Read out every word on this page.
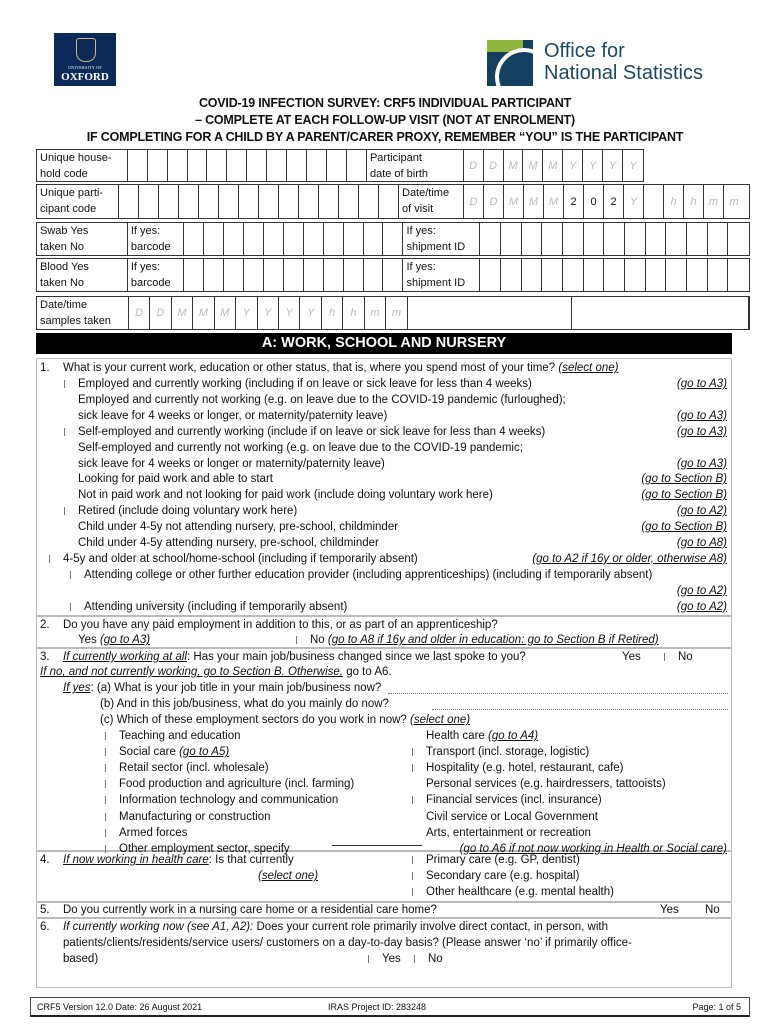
UNIVERSITY OF
OXFORD
Office for
National Statistics
COVID-19 INFECTION SURVEY: CRF5 INDIVIDUAL PARTICIPANT
– COMPLETE AT EACH FOLLOW-UP VISIT (NOT AT ENROLMENT)
IF COMPLETING FOR A CHILD BY A PARENT/CARER PROXY, REMEMBER “YOU” IS THE PARTICIPANT
Unique house-
hold code
Participant
date of birth
D	D	M M M	Y	Y	Y	Y
Unique parti-
cipant code
Date/time
of visit
D	D	M M M	2	0	2	Y	h	h	m	m
Swab Yes
taken No
If yes:
barcode
If yes:
shipment ID
Blood Yes
taken No
If yes:
barcode
If yes:
shipment ID
Date/time
samples taken
D	D	M	M	M	Y	Y	Y	Y	h	h	m	m
A: WORK, SCHOOL AND NURSERY
1. What is your current work, education or other status, that is, where you spend most of your time? (select one)
Employed and currently working (including if on leave or sick leave for less than 4 weeks)	(go to A3)
Employed and currently not working (e.g. on leave due to the COVID-19 pandemic (furloughed);
sick leave for 4 weeks or longer, or maternity/paternity leave)	(go to A3)
Self-employed and currently working (include if on leave or sick leave for less than 4 weeks)	(go to A3)
Self-employed and currently not working (e.g. on leave due to the COVID-19 pandemic;
sick leave for 4 weeks or longer or maternity/paternity leave)	(go to A3)
Looking for paid work and able to start	(go to Section B)
Not in paid work and not looking for paid work (include doing voluntary work here)	(go to Section B)
Retired (include doing voluntary work here)	(go to A2)
Child under 4-5y not attending nursery, pre-school, childminder	(go to Section B)
Child under 4-5y attending nursery, pre-school, childminder	(go to A8)
4-5y and older at school/home-school (including if temporarily absent)	(go to A2 if 16y or older, otherwise A8)
Attending college or other further education provider (including apprenticeships) (including if temporarily absent)
(go to A2)
Attending university (including if temporarily absent)	(go to A2)
2. Do you have any paid employment in addition to this, or as part of an apprenticeship?
Yes (go to A3)	No (go to A8 if 16y and older in education: go to Section B if Retired)
3. If currently working at all: Has your main job/business changed since we last spoke to you?	Yes	No
If no, and not currently working, go to Section B. Otherwise, go to A6.
If yes: (a) What is your job title in your main job/business now?
(b) And in this job/business, what do you mainly do now?
(c) Which of these employment sectors do you work in now? (select one)
Teaching and education
Social care (go to A5)
Retail sector (incl. wholesale)
Food production and agriculture (incl. farming)
Information technology and communication
Manufacturing or construction
Armed forces
Other employment sector, specify
Health care (go to A4)
Transport (incl. storage, logistic)
Hospitality (e.g. hotel, restaurant, cafe)
Personal services (e.g. hairdressers, tattooists)
Financial services (incl. insurance)
Civil service or Local Government
Arts, entertainment or recreation
(go to A6 if not now working in Health or Social care)
4. If now working in health care: Is that currently
(select one)
Primary care (e.g. GP, dentist)
Secondary care (e.g. hospital)
Other healthcare (e.g. mental health)
5. Do you currently work in a nursing care home or a residential care home?	Yes No
6. If currently working now (see A1, A2): Does your current role primarily involve direct contact, in person, with
patients/clients/residents/service users/ customers on a day-to-day basis? (Please answer ‘no’ if primarily office-
based)	Yes	No
CRF5 Version 12.0 Date: 26 August 2021	IRAS Project ID: 283248	Page: 1 of 5
